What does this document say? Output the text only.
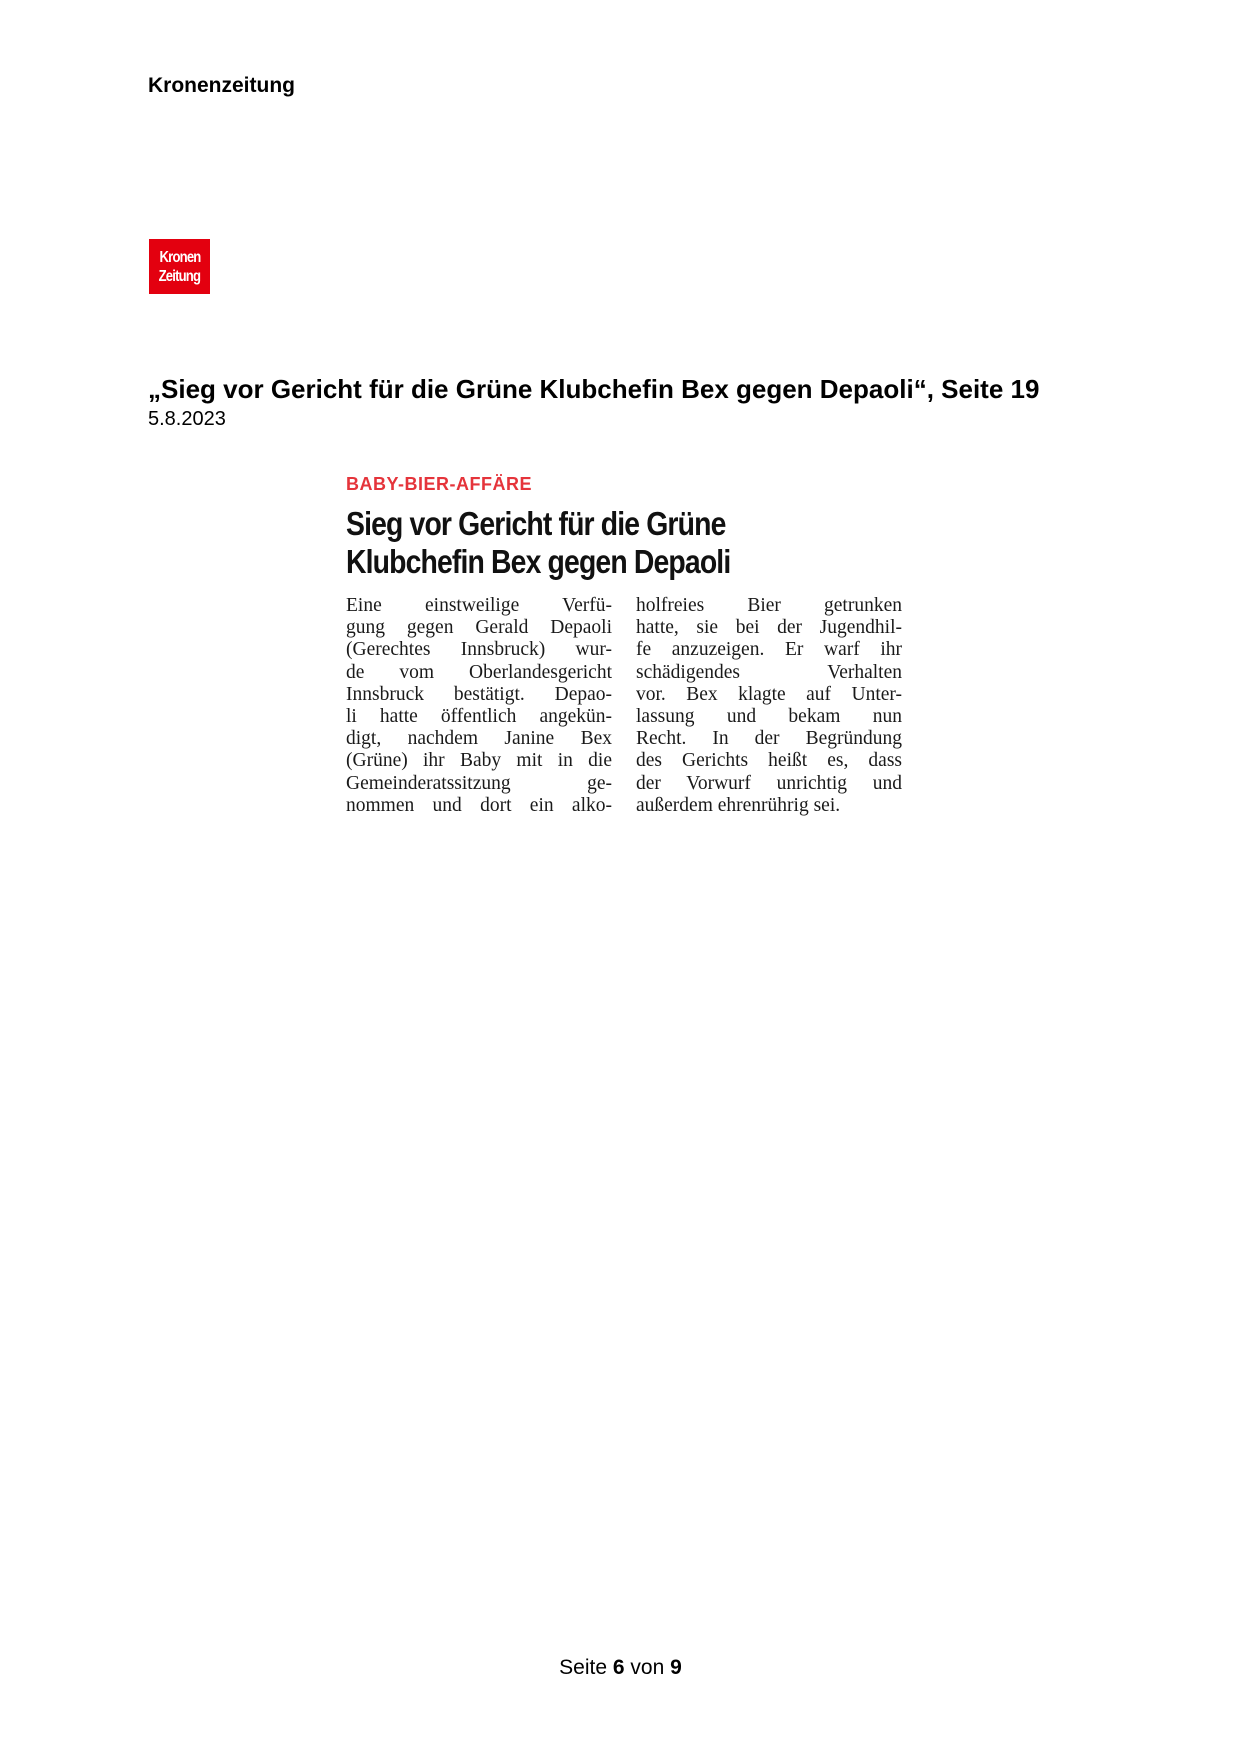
Kronenzeitung
Kronen
Zeitung
„Sieg vor Gericht für die Grüne Klubchefin Bex gegen Depaoli“, Seite 19
5.8.2023
BABY-BIER-AFFÄRE
Sieg vor Gericht für die Grüne
Klubchefin Bex gegen Depaoli
Eine einstweilige Verfü-
gung gegen Gerald Depaoli
(Gerechtes Innsbruck) wur-
de vom Oberlandesgericht
Innsbruck bestätigt. Depao-
li hatte öffentlich angekün-
digt, nachdem Janine Bex
(Grüne) ihr Baby mit in die
Gemeinderatssitzung ge-
nommen und dort ein alko-
holfreies Bier getrunken
hatte, sie bei der Jugendhil-
fe anzuzeigen. Er warf ihr
schädigendes Verhalten
vor. Bex klagte auf Unter-
lassung und bekam nun
Recht. In der Begründung
des Gerichts heißt es, dass
der Vorwurf unrichtig und
außerdem ehrenrührig sei.
Seite 6 von 9
